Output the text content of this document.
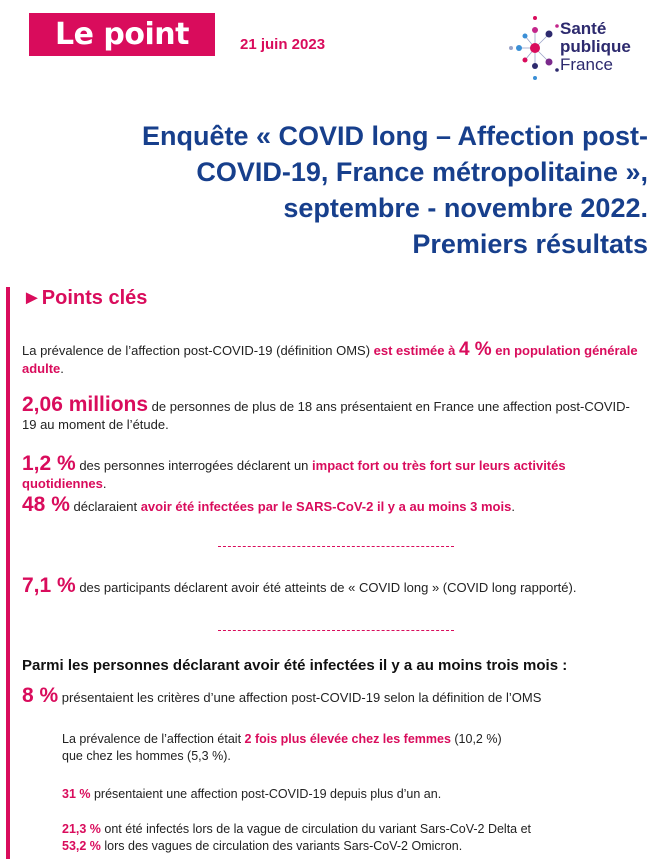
Le point sur
21 juin 2023
Santé
publique
France
Enquête « COVID long – Affection post-
COVID-19, France métropolitaine »,
septembre - novembre 2022.
Premiers résultats
►Points clés
La prévalence de l’affection post-COVID-19 (définition OMS) est estimée à 4 % en population générale adulte.
2,06 millions de personnes de plus de 18 ans présentaient en France une affection post-COVID-19 au moment de l’étude.
1,2 % des personnes interrogées déclarent un impact fort ou très fort sur leurs activités quotidiennes.
48 % déclaraient avoir été infectées par le SARS-CoV-2 il y a au moins 3 mois.
7,1 % des participants déclarent avoir été atteints de « COVID long » (COVID long rapporté).
Parmi les personnes déclarant avoir été infectées il y a au moins trois mois :
8 % présentaient les critères d’une affection post-COVID-19 selon la définition de l’OMS
La prévalence de l’affection était 2 fois plus élevée chez les femmes (10,2 %)
que chez les hommes (5,3 %).
31 % présentaient une affection post-COVID-19 depuis plus d’un an.
21,3 % ont été infectés lors de la vague de circulation du variant Sars-CoV-2 Delta et
53,2 % lors des vagues de circulation des variants Sars-CoV-2 Omicron.
